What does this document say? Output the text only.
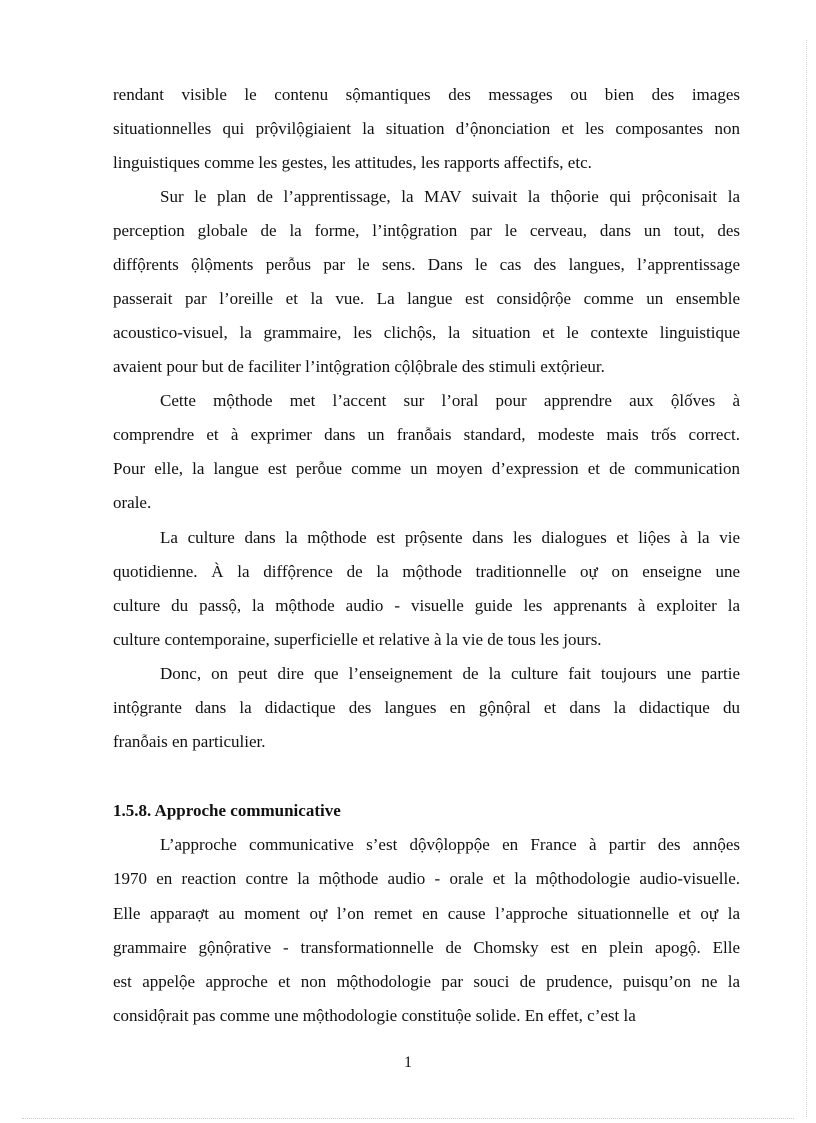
rendant visible le contenu sộmantiques des messages ou bien des images
situationnelles qui prộvilộgiaient la situation d’ộnonciation et les composantes non
linguistiques comme les gestes, les attitudes, les rapports affectifs, etc.
Sur le plan de l’apprentissage, la MAV suivait la thộorie qui prộconisait la
perception globale de la forme, l’intộgration par le cerveau, dans un tout, des
diffộrents ộlộments perỗus par le sens. Dans le cas des langues, l’apprentissage
passerait par l’oreille et la vue. La langue est considộrộe comme un ensemble
acoustico-visuel, la grammaire, les clichộs, la situation et le contexte linguistique
avaient pour but de faciliter l’intộgration cộlộbrale des stimuli extộrieur.
Cette mộthode met l’accent sur l’oral pour apprendre aux ộlốves à
comprendre et à exprimer dans un franỗais standard, modeste mais trốs correct.
Pour elle, la langue est perỗue comme un moyen d’expression et de communication
orale.
La culture dans la mộthode est prộsente dans les dialogues et liộes à la vie
quotidienne. À la diffộrence de la mộthode traditionnelle oự on enseigne une
culture du passộ, la mộthode audio - visuelle guide les apprenants à exploiter la
culture contemporaine, superficielle et relative à la vie de tous les jours.
Donc, on peut dire que l’enseignement de la culture fait toujours une partie
intộgrante dans la didactique des langues en gộnộral et dans la didactique du
franỗais en particulier.
1.5.8. Approche communicative
L’approche communicative s’est dộvộloppộe en France à partir des annộes
1970 en reaction contre la mộthode audio - orale et la mộthodologie audio-visuelle.
Elle apparaợt au moment oự l’on remet en cause l’approche situationnelle et oự la
grammaire gộnộrative - transformationnelle de Chomsky est en plein apogộ. Elle
est appelộe approche et non mộthodologie par souci de prudence, puisqu’on ne la
considộrait pas comme une mộthodologie constituộe solide. En effet, c’est la
1
